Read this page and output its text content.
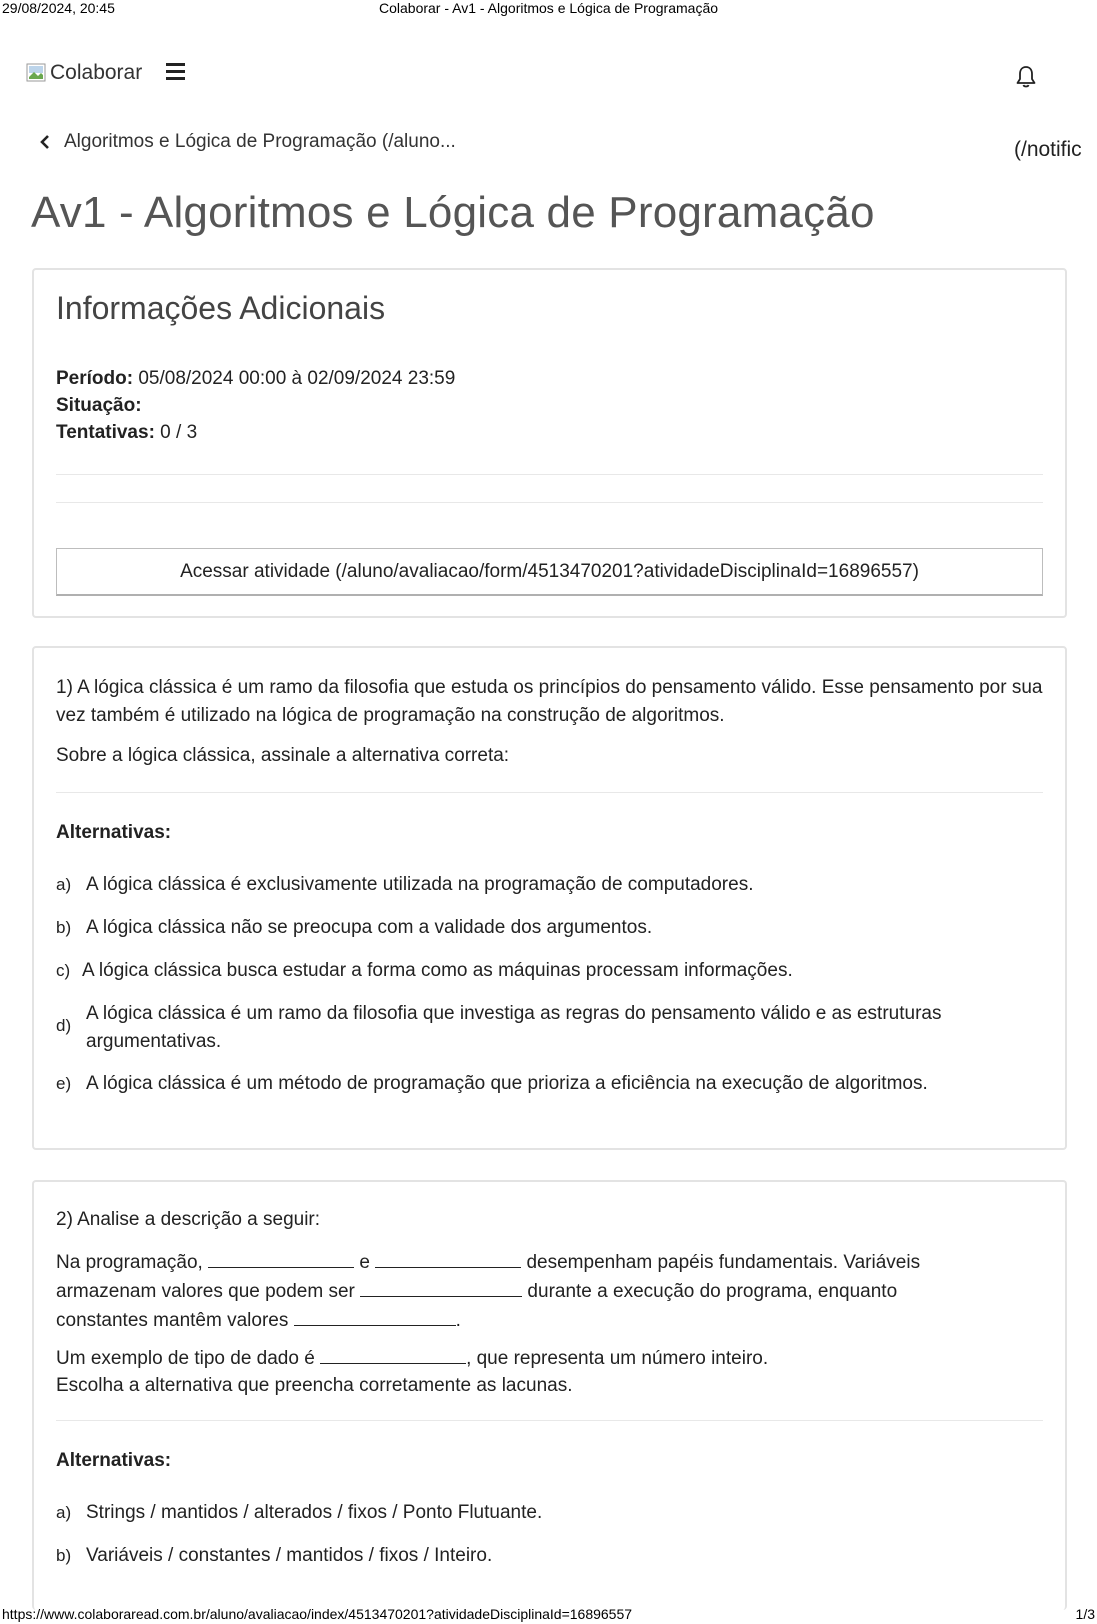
29/08/2024, 20:45	Colaborar - Av1 - Algoritmos e Lógica de Programação
Colaborar
Algoritmos e Lógica de Programação (/aluno...	(/notific
Av1 - Algoritmos e Lógica de Programação
Informações Adicionais
Período: 05/08/2024 00:00 à 02/09/2024 23:59
Situação:
Tentativas: 0 / 3
Acessar atividade (/aluno/avaliacao/form/4513470201?atividadeDisciplinaId=16896557)
1) A lógica clássica é um ramo da filosofia que estuda os princípios do pensamento válido. Esse pensamento por sua vez também é utilizado na lógica de programação na construção de algoritmos.
Sobre a lógica clássica, assinale a alternativa correta:
Alternativas:
a) A lógica clássica é exclusivamente utilizada na programação de computadores.
b) A lógica clássica não se preocupa com a validade dos argumentos.
c) A lógica clássica busca estudar a forma como as máquinas processam informações.
d)
A lógica clássica é um ramo da filosofia que investiga as regras do pensamento válido e as estruturas argumentativas.
e) A lógica clássica é um método de programação que prioriza a eficiência na execução de algoritmos.
2) Analise a descrição a seguir:
Na programação,	e	desempenham papéis fundamentais. Variáveis armazenam valores que podem ser	durante a execução do programa, enquanto constantes mantêm valores	.
Um exemplo de tipo de dado é	, que representa um número inteiro.
Escolha a alternativa que preencha corretamente as lacunas.
Alternativas:
a) Strings / mantidos / alterados / fixos / Ponto Flutuante.
b) Variáveis / constantes / mantidos / fixos / Inteiro.
https://www.colaboraread.com.br/aluno/avaliacao/index/4513470201?atividadeDisciplinaId=16896557	1/3
